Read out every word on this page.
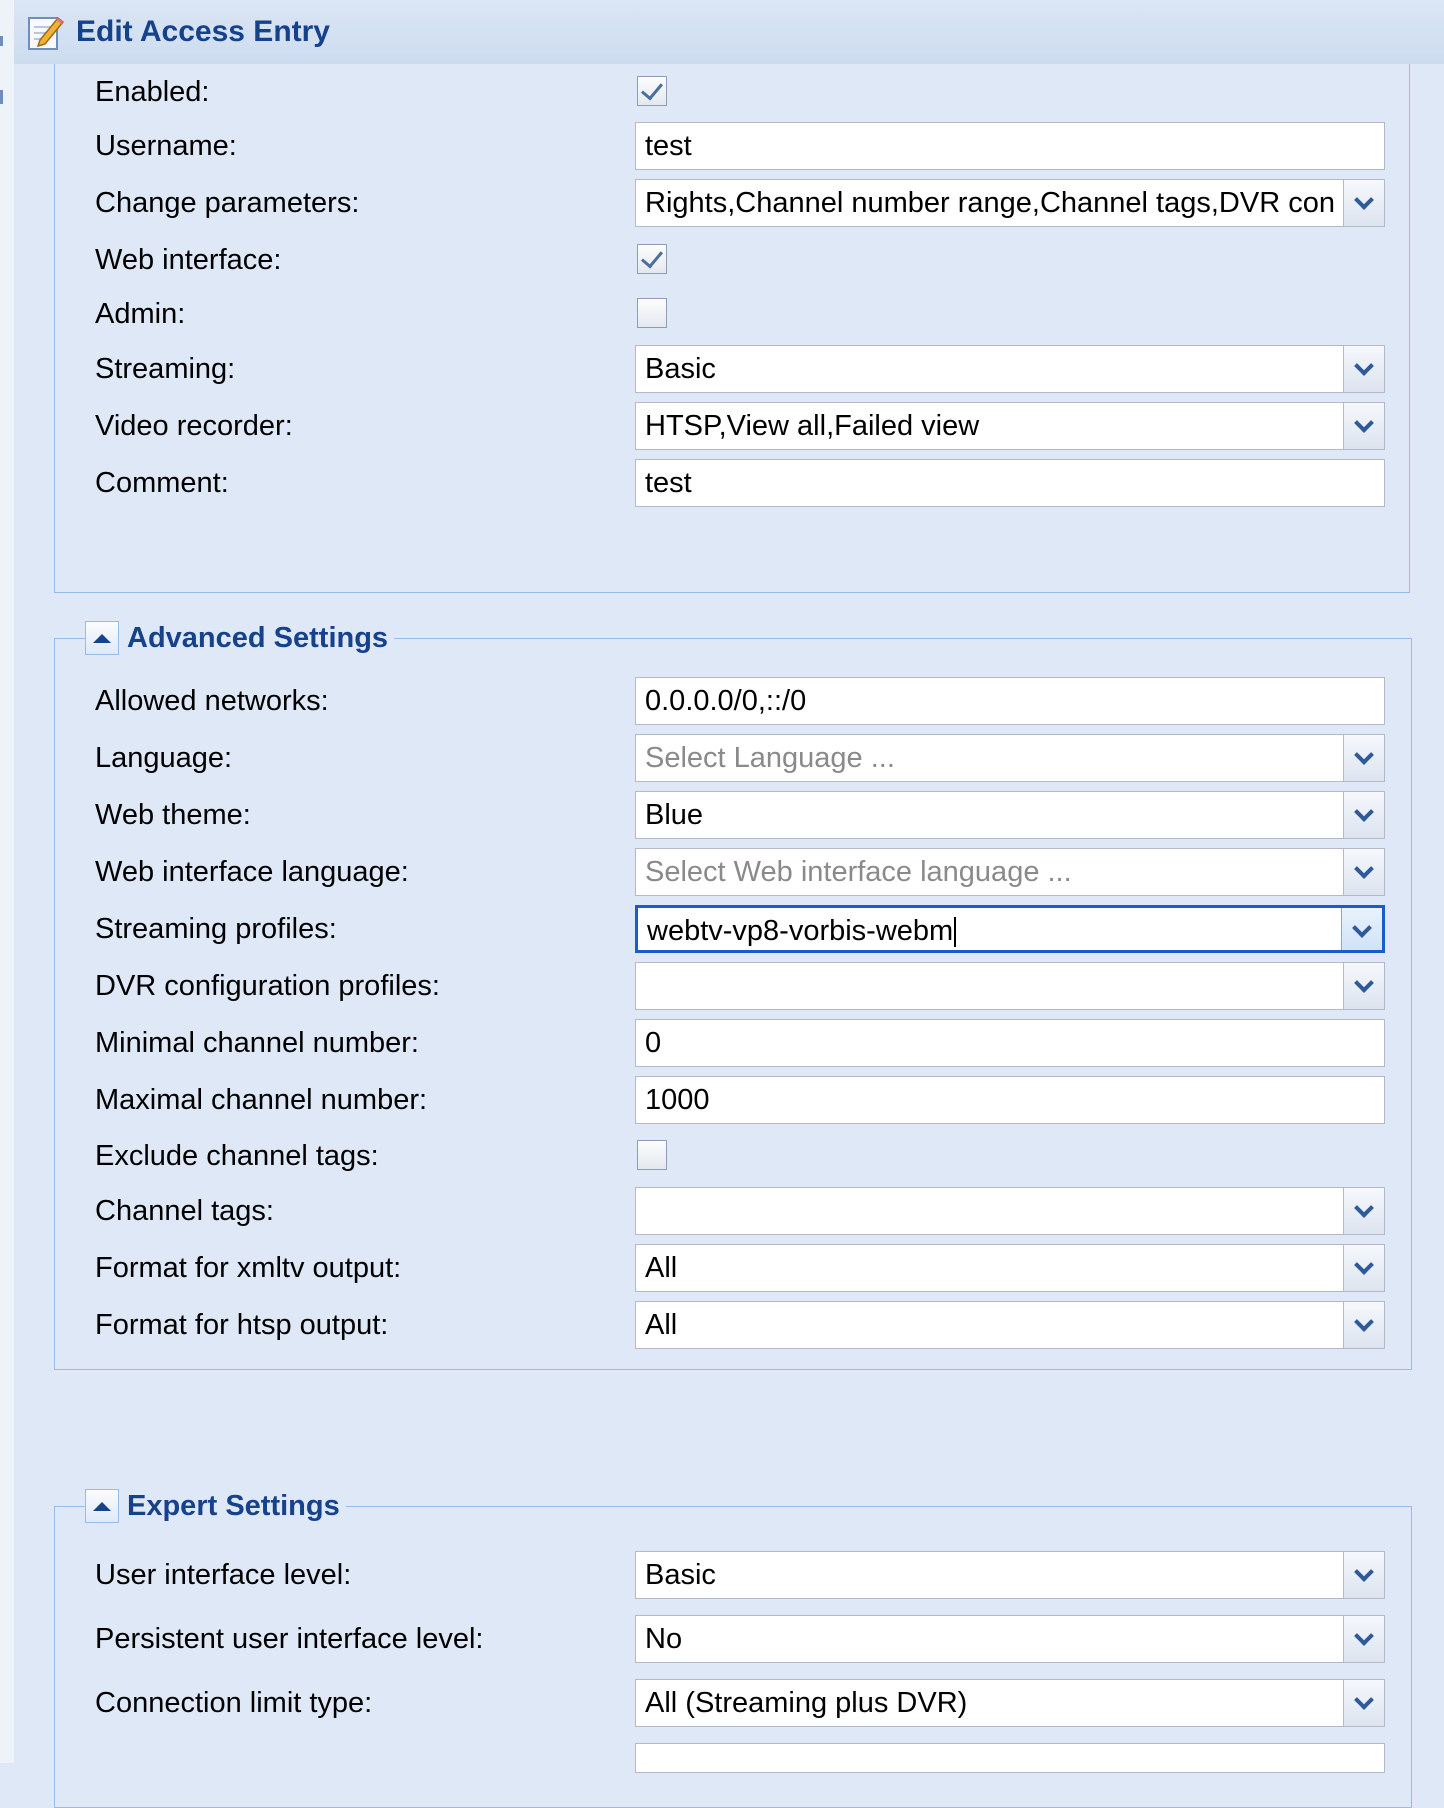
Edit Access Entry
Enabled:
Username:	test
Change parameters:	Rights,Channel number range,Channel tags,DVR con
Web interface:
Admin:
Streaming:	Basic
Video recorder:	HTSP,View all,Failed view
Comment:	test
Advanced Settings
Allowed networks:	0.0.0.0/0,::/0
Language:	Select Language ...
Web theme:	Blue
Web interface language:	Select Web interface language ...
Streaming profiles:	webtv-vp8-vorbis-webm
DVR configuration profiles:
Minimal channel number:	0
Maximal channel number:	1000
Exclude channel tags:
Channel tags:
Format for xmltv output:	All
Format for htsp output:	All
Expert Settings
User interface level:	Basic
Persistent user interface level:	No
Connection limit type:	All (Streaming plus DVR)
